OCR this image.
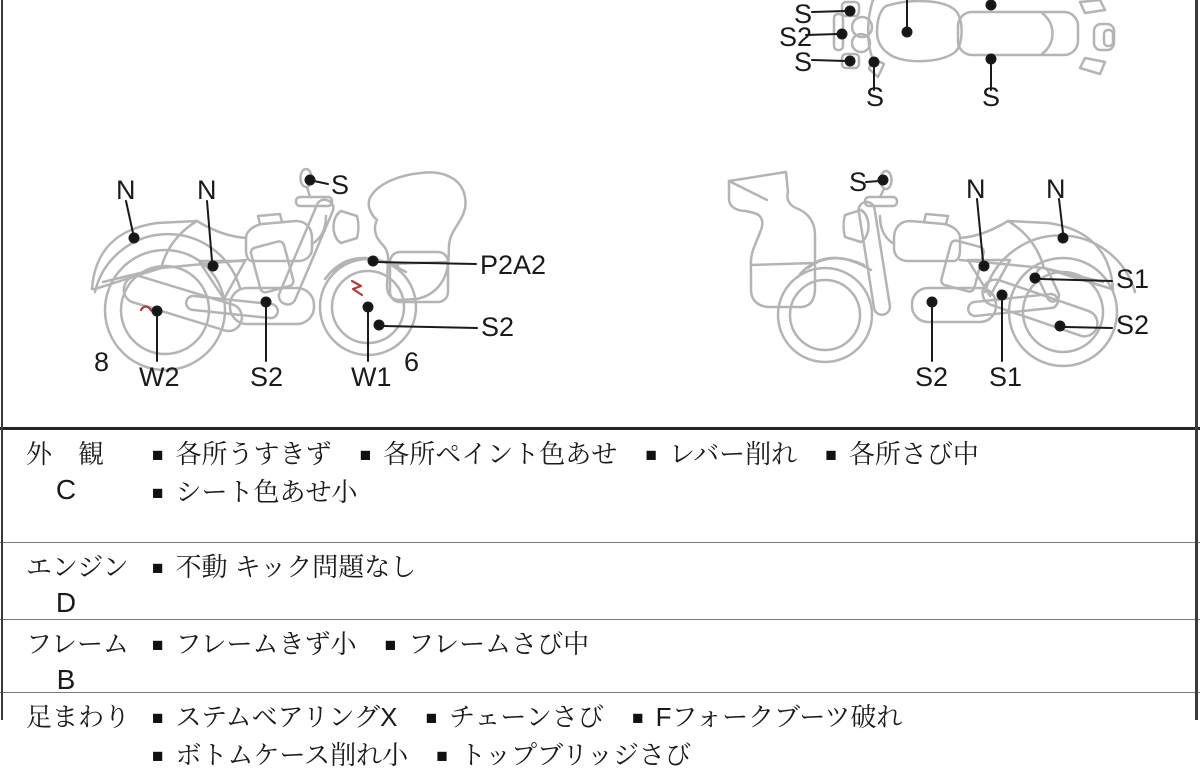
S
S2
S
S	S
N N	S
P2A2
S2
8 W2	S2	W1 6
S	N N
S1
S2
S2 S1
外　観
C
■ 各所うすきず
■ 各所ペイント色あせ
■ レバー削れ
■ 各所さび中

■ シート色あせ小
エンジン
D
■ 不動 キック問題なし
フレーム
B
■ フレームきず小
■ フレームさび中
足まわり	■ ステムベアリングX
■ チェーンさび
■ Fフォークブーツ破れ

■ ボトムケース削れ小
■ トップブリッジさび
